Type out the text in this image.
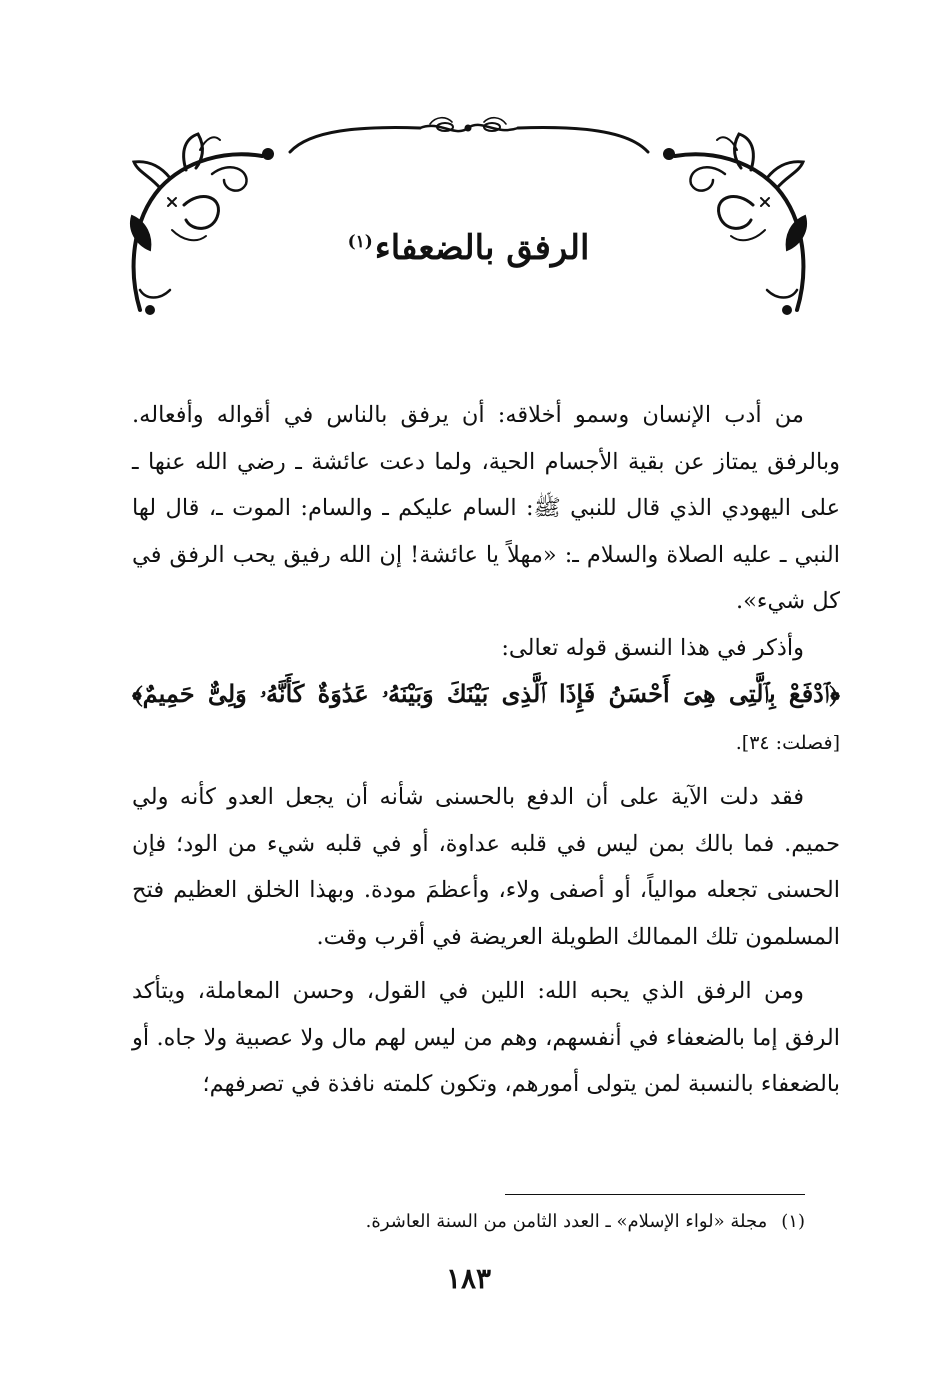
الرفق بالضعفاء$^{(١)}$

من أدب الإنسان وسمو أخلاقه: أن يرفق بالناس في أقواله وأفعاله. وبالرفق يمتاز عن بقية الأجسام الحية، ولما دعت عائشة ـ رضي الله عنها ـ على اليهودي الذي قال للنبي ﷺ: السام عليكم ـ والسام: الموت ـ، قال لها النبي ـ عليه الصلاة والسلام ـ: «مهلاً يا عائشة! إن الله رفيق يحب الرفق في كل شيء».

وأذكر في هذا النسق قوله تعالى:

﴿ٱدْفَعْ بِٱلَّتِى هِىَ أَحْسَنُ فَإِذَا ٱلَّذِى بَيْنَكَ وَبَيْنَهُۥ عَدَٰوَةٌ كَأَنَّهُۥ وَلِىٌّ حَمِيمٌ﴾[فصلت: ٣٤].

فقد دلت الآية على أن الدفع بالحسنى شأنه أن يجعل العدو كأنه ولي حميم. فما بالك بمن ليس في قلبه عداوة، أو في قلبه شيء من الود؛ فإن الحسنى تجعله موالياً، أو أصفى ولاء، وأعظمَ مودة. وبهذا الخلق العظيم فتح المسلمون تلك الممالك الطويلة العريضة في أقرب وقت.

ومن الرفق الذي يحبه الله: اللين في القول، وحسن المعاملة، ويتأكد الرفق إما بالضعفاء في أنفسهم، وهم من ليس لهم مال ولا عصبية ولا جاه. أو بالضعفاء بالنسبة لمن يتولى أمورهم، وتكون كلمته نافذة في تصرفهم؛

(١)مجلة «لواء الإسلام» ـ العدد الثامن من السنة العاشرة.
١٨٣
